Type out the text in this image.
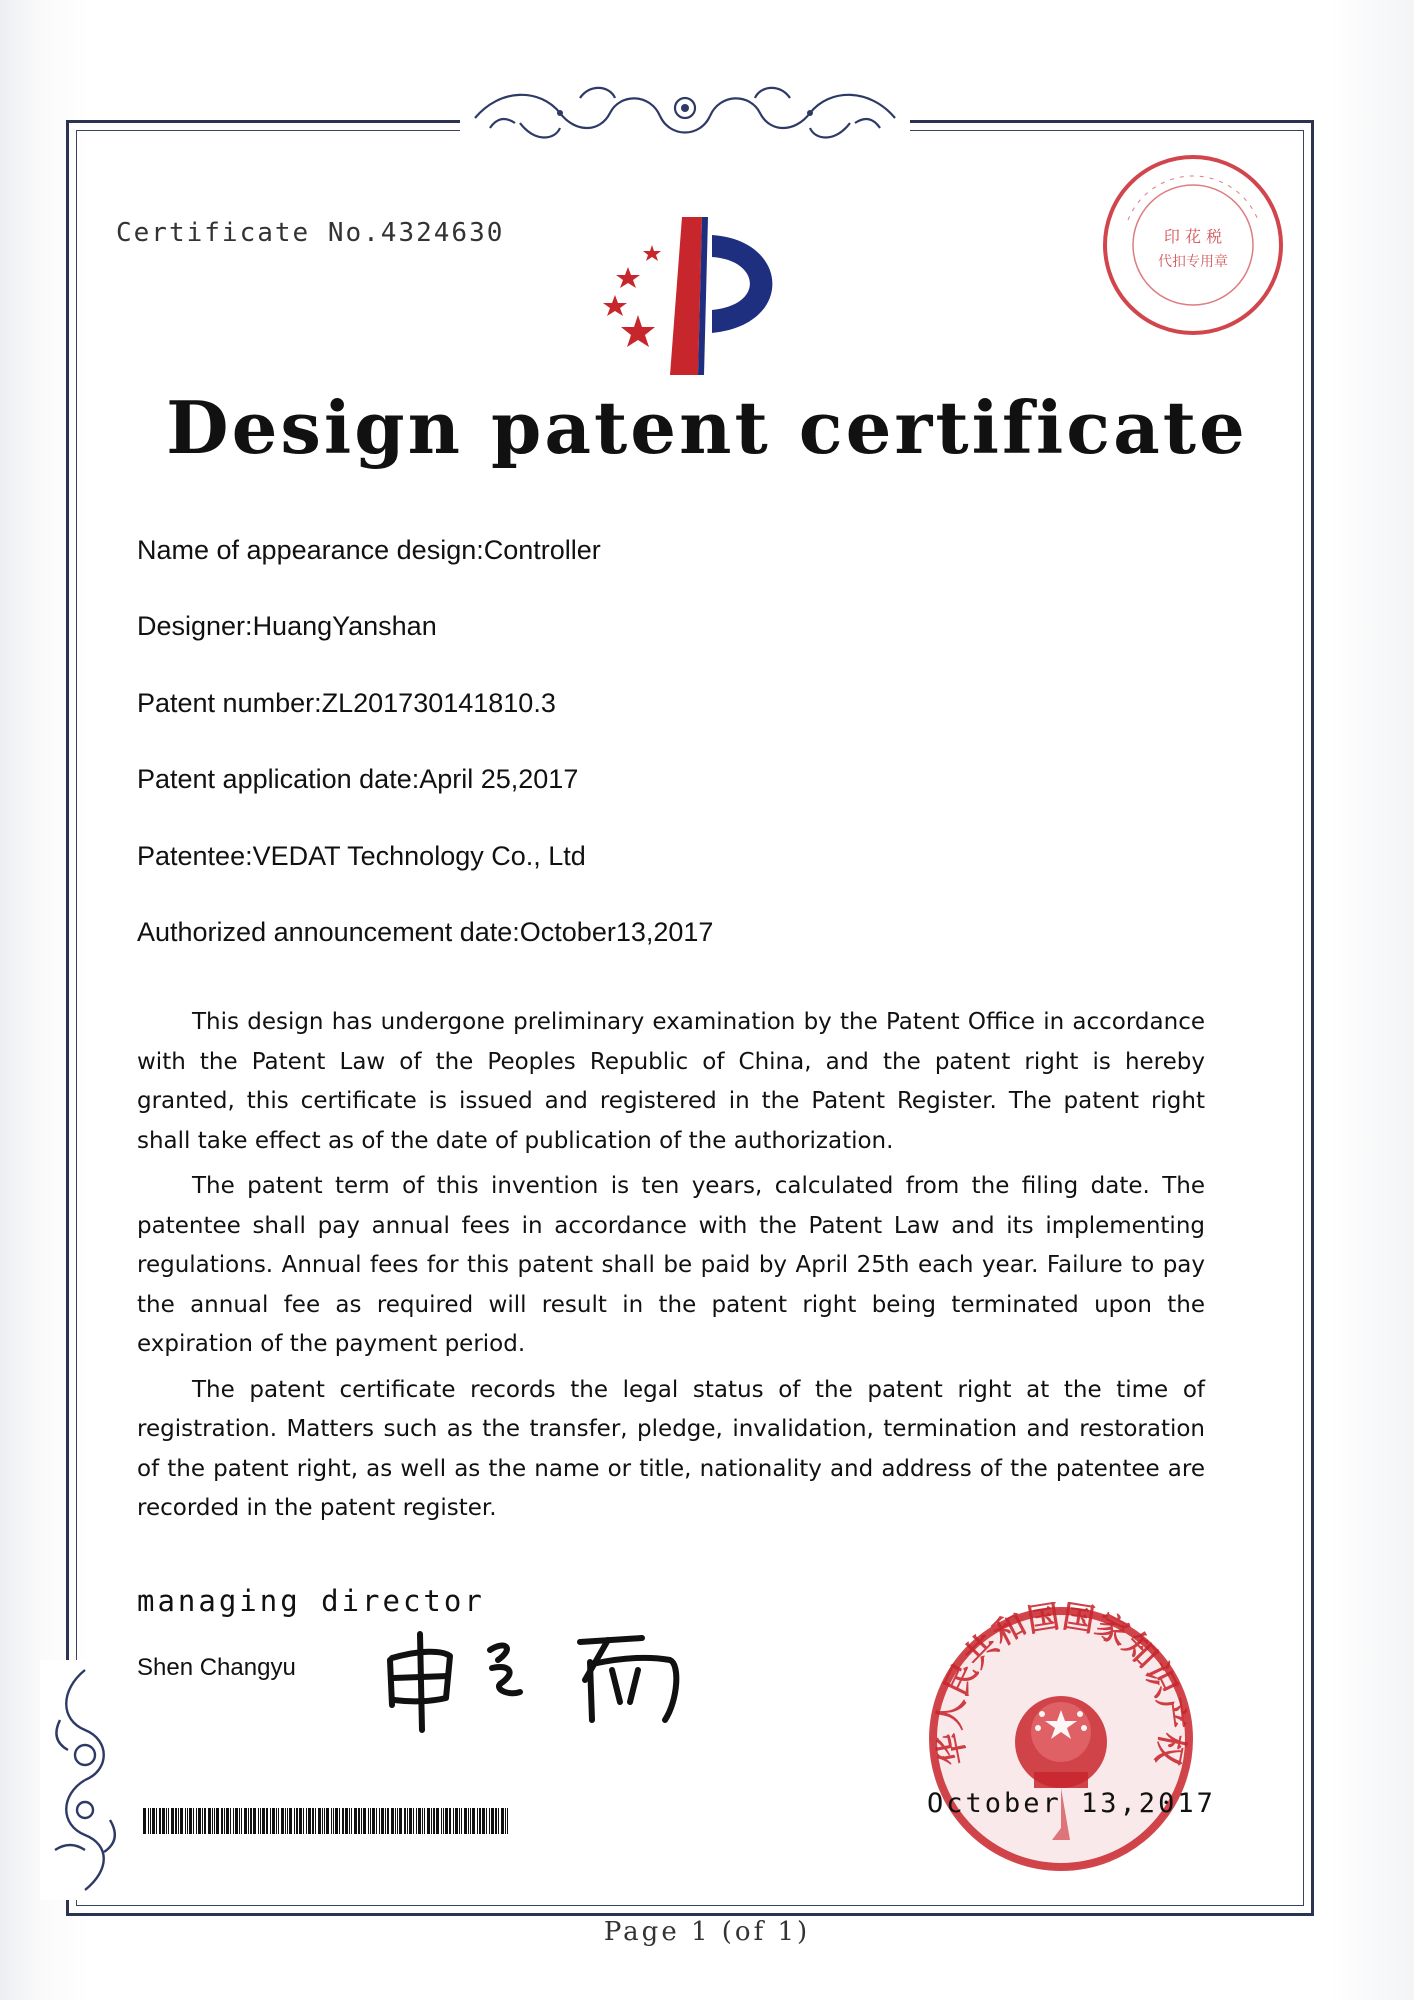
Certificate No.4324630	印 花 税
代扣专用章
Design patent certificate
Name of appearance design:Controller
Designer:HuangYanshan
Patent number:ZL201730141810.3
Patent application date:April 25,2017
Patentee:VEDAT Technology Co., Ltd
Authorized announcement date:October13,2017

This design has undergone preliminary examination by the Patent Office in accordance with the Patent Law of the Peoples Republic of China, and the patent right is hereby granted, this certificate is issued and registered in the Patent Register. The patent right shall take effect as of the date of publication of the authorization.

The patent term of this invention is ten years, calculated from the filing date. The patentee shall pay annual fees in accordance with the Patent Law and its implementing regulations. Annual fees for this patent shall be paid by April 25th each year. Failure to pay the annual fee as required will result in the patent right being terminated upon the expiration of the payment period.

The patent certificate records the legal status of the patent right at the time of registration. Matters such as the transfer, pledge, invalidation, termination and restoration of the patent right, as well as the name or title, nationality and address of the patentee are recorded in the patent register.

managing director
Shen Changyu
华人民共和国国家知识产权
October 13,2017
Page 1 (of 1)
